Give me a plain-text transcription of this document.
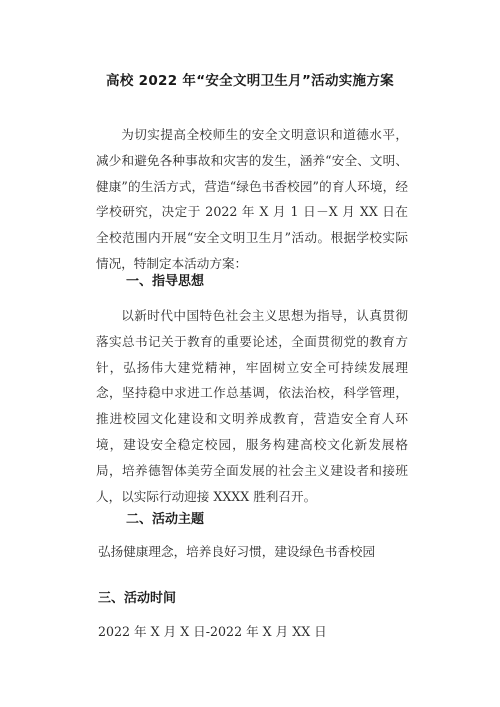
高校 2022 年“安全文明卫生月”活动实施方案

为切实提高全校师生的安全文明意识和道德水平，减少和避免各种事故和灾害的发生，涵养“安全、文明、健康”的生活方式，营造“绿色书香校园”的育人环境，经学校研究，决定于 2022 年 X 月 1 日－X 月 XX 日在全校范围内开展“安全文明卫生月”活动。根据学校实际情况，特制定本活动方案：

一、指导思想

以新时代中国特色社会主义思想为指导，认真贯彻落实总书记关于教育的重要论述，全面贯彻党的教育方针，弘扬伟大建党精神，牢固树立安全可持续发展理念，坚持稳中求进工作总基调，依法治校，科学管理，推进校园文化建设和文明养成教育，营造安全育人环境，建设安全稳定校园，服务构建高校文化新发展格局，培养德智体美劳全面发展的社会主义建设者和接班人，以实际行动迎接 XXXX 胜利召开。

二、活动主题

弘扬健康理念，培养良好习惯，建设绿色书香校园

三、活动时间

2022 年 X 月 X 日-2022 年 X 月 XX 日
